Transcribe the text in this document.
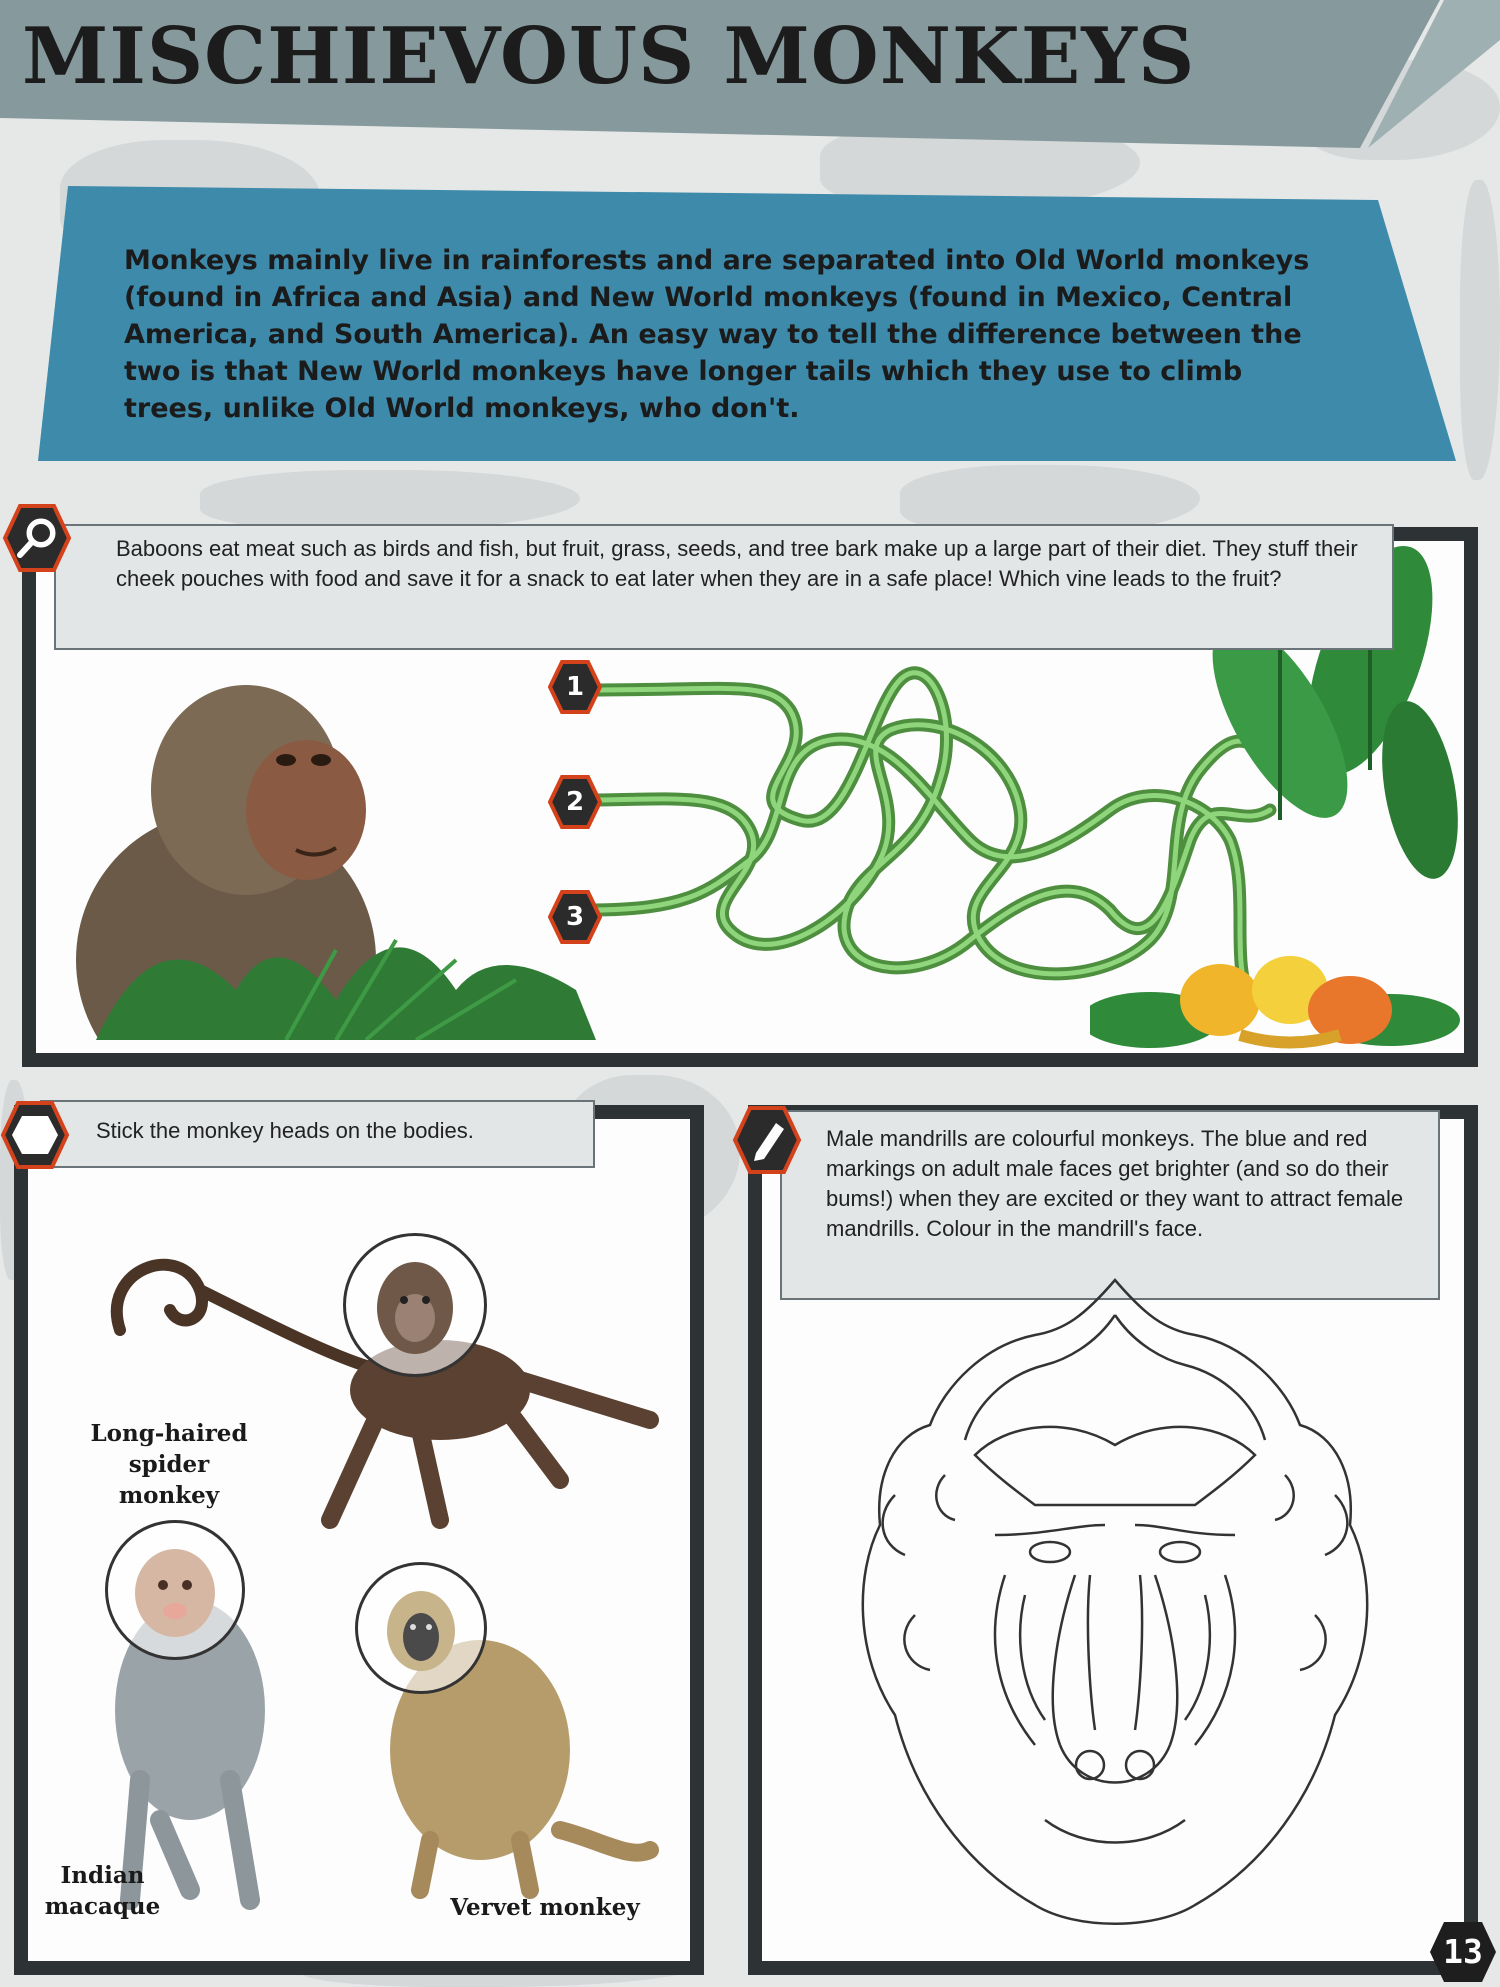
MISCHIEVOUS MONKEYS
Monkeys mainly live in rainforests and are separated into Old World monkeys (found in Africa and Asia) and New World monkeys (found in Mexico, Central America, and South America). An easy way to tell the difference between the two is that New World monkeys have longer tails which they use to climb trees, unlike Old World monkeys, who don't.
1
2
3
Baboons eat meat such as birds and fish, but fruit, grass, seeds, and tree bark make up a large part of their diet. They stuff their cheek pouches with food and save it for a snack to eat later when they are in a safe place! Which vine leads to the fruit?
Stick the monkey heads on the bodies.
Long-haired spider monkey
Indian macaque	Vervet monkey
Male mandrills are colourful monkeys. The blue and red markings on adult male faces get brighter (and so do their bums!) when they are excited or they want to attract female mandrills. Colour in the mandrill's face.
13
